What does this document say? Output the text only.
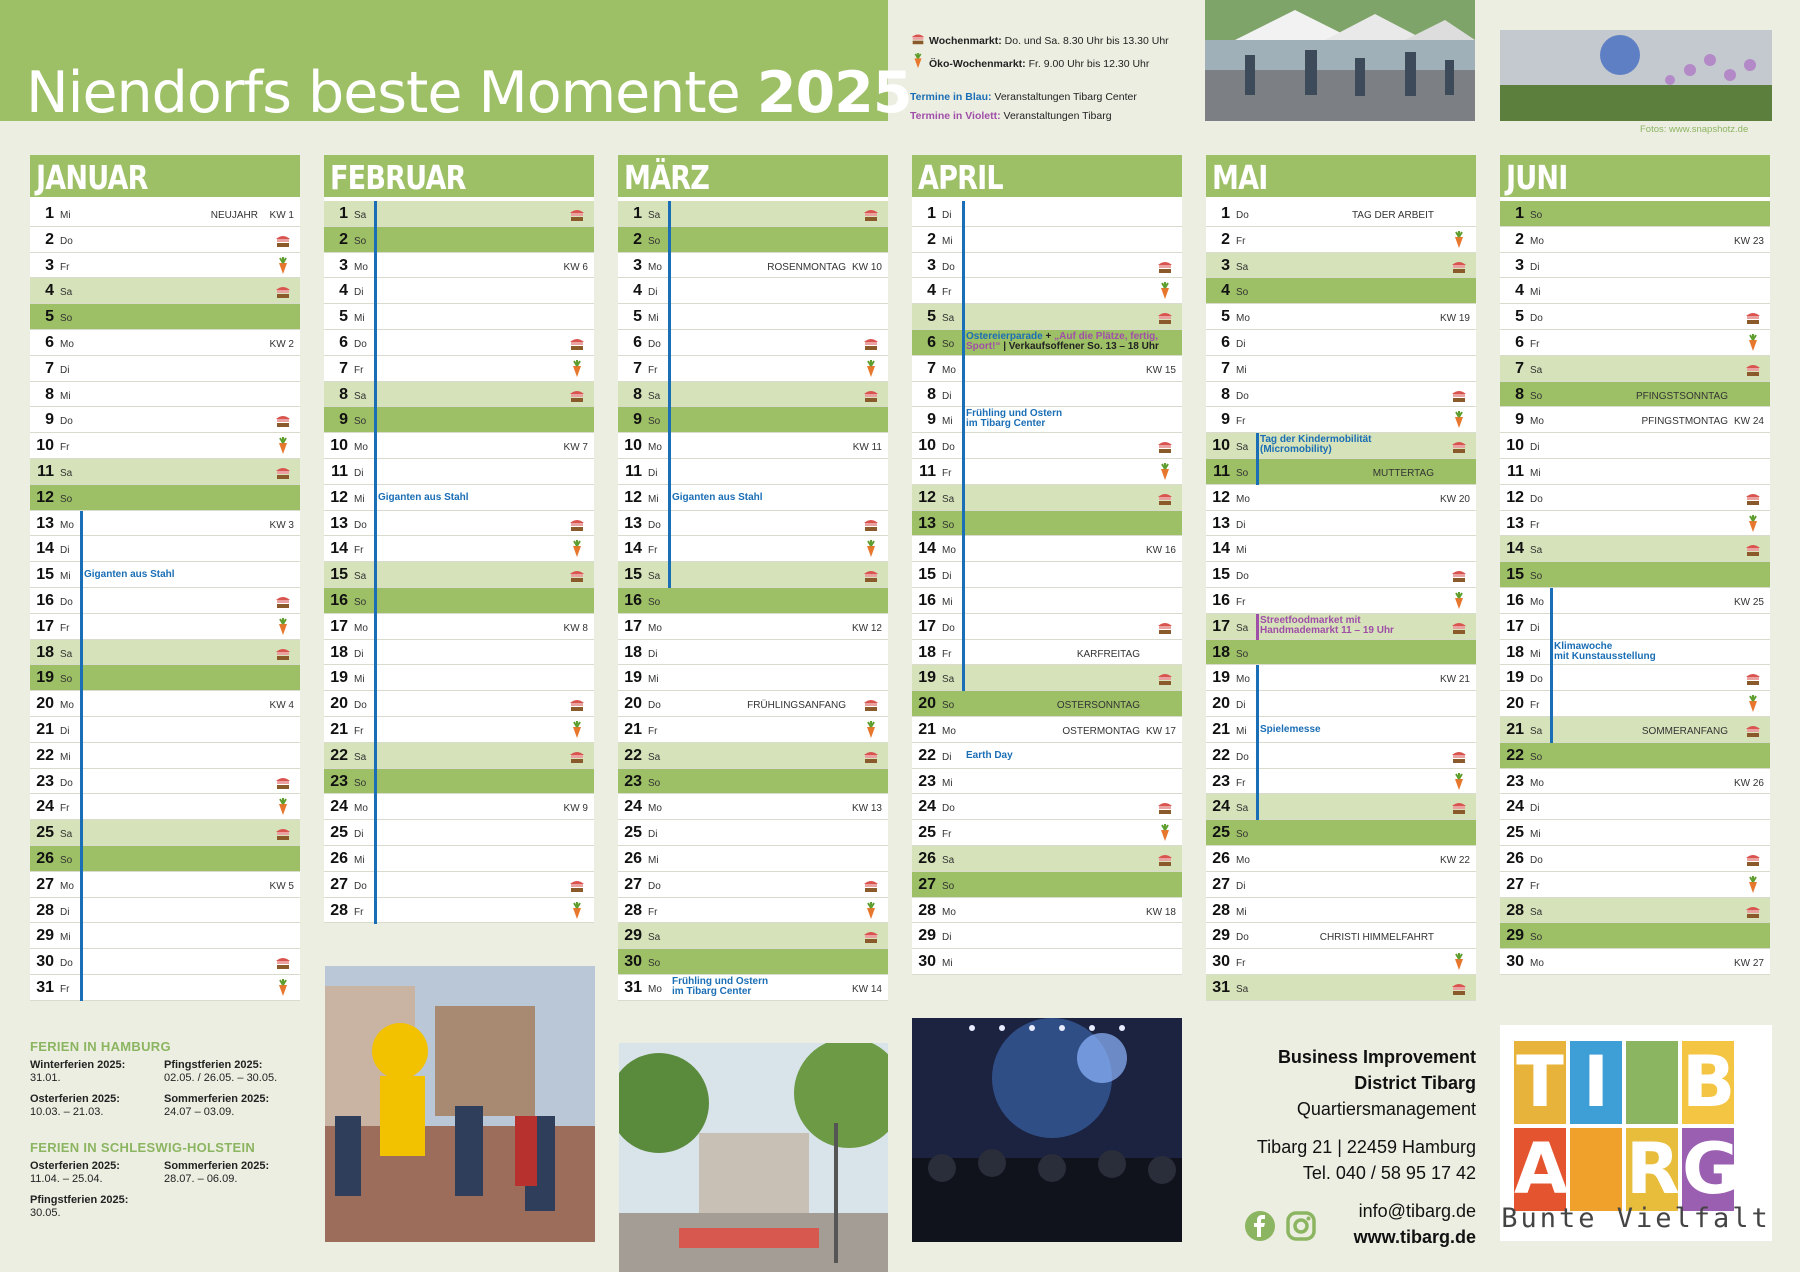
Niendorfs beste Momente 2025
Wochenmarkt:
Do. und Sa. 8.30 Uhr bis 13.30 Uhr
Öko-Wochenmarkt:
Fr. 9.00 Uhr bis 12.30 Uhr
Termine in Blau:
Veranstaltungen Tibarg Center
Termine in Violett:
Veranstaltungen Tibarg
Fotos: www.snapshotz.de
JANUAR
1 Mi	NEUJAHR KW 1
2 Do
3 Fr
4 Sa
5 So
6 Mo	KW 2
7 Di
8 Mi
9 Do
10 Fr
11 Sa
12 So
13 Mo	KW 3
14 Di
15 Mi Giganten aus Stahl
16 Do
17 Fr
18 Sa
19 So
20 Mo	KW 4
21 Di
22 Mi
23 Do
24 Fr
25 Sa
26 So
27 Mo	KW 5
28 Di
29 Mi
30 Do
31 Fr
FEBRUAR
1 Sa
2 So
3 Mo	KW 6
4 Di
5 Mi
6 Do
7 Fr
8 Sa
9 So
10 Mo	KW 7
11 Di
12 Mi Giganten aus Stahl
13 Do
14 Fr
15 Sa
16 So
17 Mo	KW 8
18 Di
19 Mi
20 Do
21 Fr
22 Sa
23 So
24 Mo	KW 9
25 Di
26 Mi
27 Do
28 Fr
MÄRZ
1 Sa
2 So
3 Mo	ROSENMONTAG KW 10
4 Di
5 Mi
6 Do
7 Fr
8 Sa
9 So
10 Mo	KW 11
11 Di
12 Mi Giganten aus Stahl
13 Do
14 Fr
15 Sa
16 So
17 Mo	KW 12
18 Di
19 Mi
20 Do	FRÜHLINGSANFANG
21 Fr
22 Sa
23 So
24 Mo	KW 13
25 Di
26 Mi
27 Do
28 Fr
29 Sa
30 So
31 Mo	KW 14
Frühling und Ostern
im Tibarg Center
APRIL
1 Di
2 Mi
3 Do
4 Fr
5 Sa
6 So
Ostereierparade + „Auf die Plätze, fertig,
Sport!“ | Verkaufsoffener So. 13 – 18 Uhr
7 Mo	KW 15
8 Di
9 Mi
Frühling und Ostern
im Tibarg Center
10 Do
11 Fr
12 Sa
13 So
14 Mo	KW 16
15 Di
16 Mi
17 Do
18 Fr	KARFREITAG
19 Sa
20 So	OSTERSONNTAG
21 Mo	OSTERMONTAG KW 17
22 Di Earth Day
23 Mi
24 Do
25 Fr
26 Sa
27 So
28 Mo	KW 18
29 Di
30 Mi
MAI
1 Do	TAG DER ARBEIT
2 Fr
3 Sa
4 So
5 Mo	KW 19
6 Di
7 Mi
8 Do
9 Fr
10 Sa
Tag der Kindermobilität
(Micromobility)
11 So	MUTTERTAG
12 Mo	KW 20
13 Di
14 Mi
15 Do
16 Fr
17 Sa
Streetfoodmarket mit
Handmademarkt 11 – 19 Uhr
18 So
19 Mo	KW 21
20 Di
21 Mi Spielemesse
22 Do
23 Fr
24 Sa
25 So
26 Mo	KW 22
27 Di
28 Mi
29 Do	CHRISTI HIMMELFAHRT
30 Fr
31 Sa
JUNI
1 So
2 Mo	KW 23
3 Di
4 Mi
5 Do
6 Fr
7 Sa
8 So	PFINGSTSONNTAG
9 Mo	PFINGSTMONTAG KW 24
10 Di
11 Mi
12 Do
13 Fr
14 Sa
15 So
16 Mo	KW 25
17 Di
18 Mi
Klimawoche
mit Kunstausstellung
19 Do
20 Fr
21 Sa	SOMMERANFANG
22 So
23 Mo	KW 26
24 Di
25 Mi
26 Do
27 Fr
28 Sa
29 So
30 Mo	KW 27
FERIEN IN HAMBURG
Winterferien 2025:
31.01.
Pfingstferien 2025:
02.05. / 26.05. – 30.05.
Osterferien 2025:
10.03. – 21.03.
Sommerferien 2025:
24.07 – 03.09.
FERIEN IN SCHLESWIG-HOLSTEIN
Osterferien 2025:
11.04. – 25.04.
Sommerferien 2025:
28.07. – 06.09.
Pfingstferien 2025:
30.05.
Business Improvement
District Tibarg
Quartiersmanagement
Tibarg 21 | 22459 Hamburg
Tel. 040 / 58 95 17 42
info@tibarg.de
www.tibarg.de
T I B
A R G
Bunte Vielfalt
